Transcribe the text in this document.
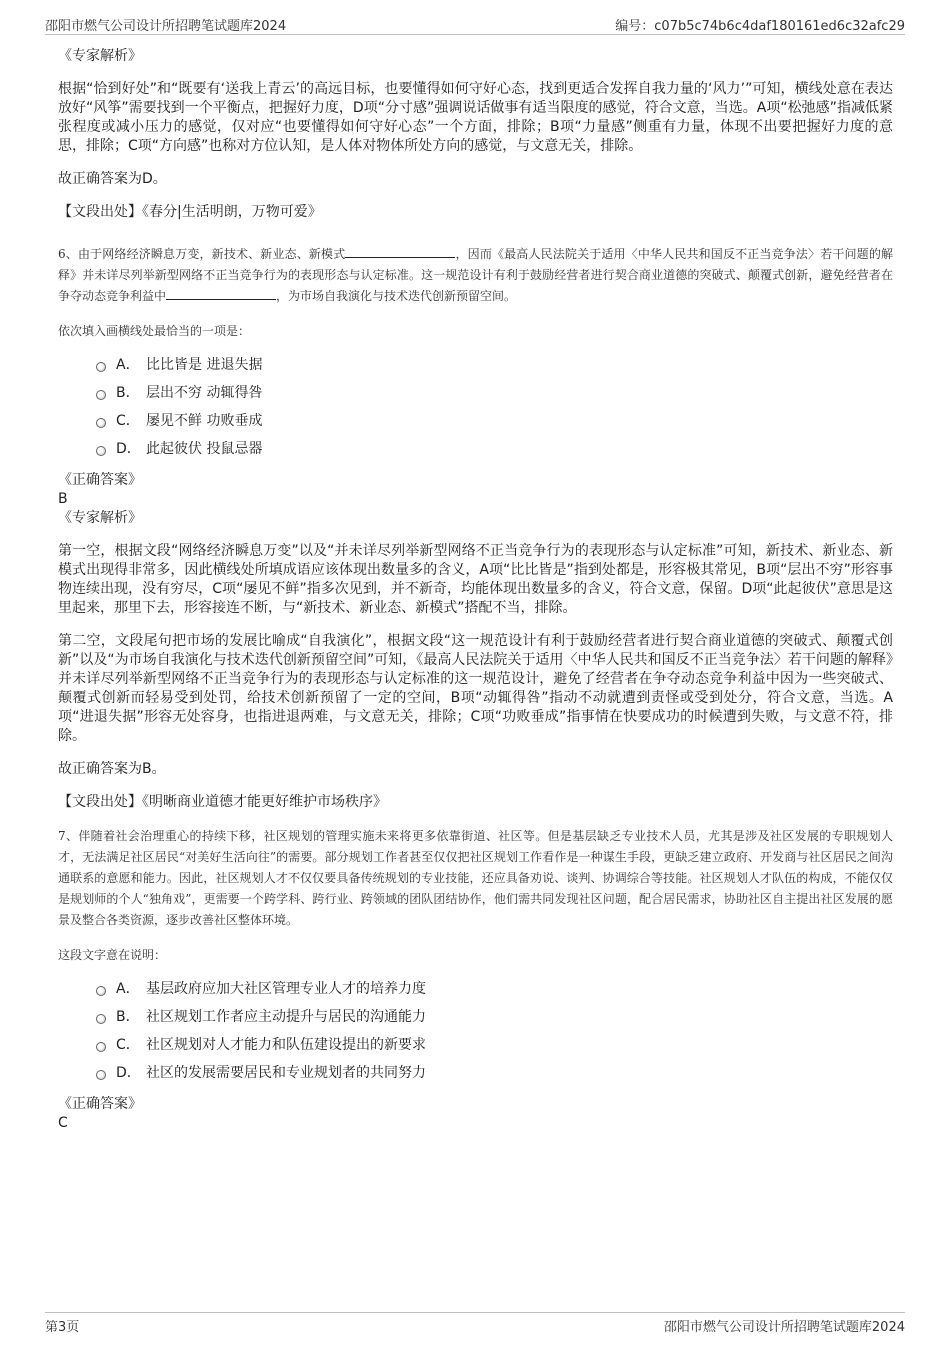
邵阳市燃气公司设计所招聘笔试题库2024	编号：c07b5c74b6c4daf180161ed6c32afc29

《专家解析》

根据“恰到好处”和“既要有‘送我上青云’的高远目标，也要懂得如何守好心态，找到更适合发挥自我力量的‘风力’”可知，横线处意在表达放好“风筝”需要找到一个平衡点，把握好力度，D项“分寸感”强调说话做事有适当限度的感觉，符合文意，当选。A项“松弛感”指减低紧张程度或减小压力的感觉，仅对应“也要懂得如何守好心态”一个方面，排除；B项“力量感”侧重有力量，体现不出要把握好力度的意思，排除；C项“方向感”也称对方位认知，是人体对物体所处方向的感觉，与文意无关，排除。

故正确答案为D。

【文段出处】《春分|生活明朗，万物可爱》

6、由于网络经济瞬息万变，新技术、新业态、新模式	，因而《最高人民法院关于适用〈中华人民共和国反不正当竞争法〉若干问题的解释》并未详尽列举新型网络不正当竞争行为的表现形态与认定标准。这一规范设计有利于鼓励经营者进行契合商业道德的突破式、颠覆式创新，避免经营者在争夺动态竞争利益中	，为市场自我演化与技术迭代创新预留空间。

依次填入画横线处最恰当的一项是：

A． 比比皆是 进退失据
B． 层出不穷 动辄得咎
C． 屡见不鲜 功败垂成
D． 此起彼伏 投鼠忌器

《正确答案》

B

《专家解析》

第一空，根据文段“网络经济瞬息万变”以及“并未详尽列举新型网络不正当竞争行为的表现形态与认定标准”可知，新技术、新业态、新模式出现得非常多，因此横线处所填成语应该体现出数量多的含义，A项“比比皆是”指到处都是，形容极其常见，B项“层出不穷”形容事物连续出现，没有穷尽，C项“屡见不鲜”指多次见到，并不新奇，均能体现出数量多的含义，符合文意，保留。D项“此起彼伏”意思是这里起来，那里下去，形容接连不断，与“新技术、新业态、新模式”搭配不当，排除。

第二空，文段尾句把市场的发展比喻成“自我演化”，根据文段“这一规范设计有利于鼓励经营者进行契合商业道德的突破式、颠覆式创新”以及“为市场自我演化与技术迭代创新预留空间”可知，《最高人民法院关于适用〈中华人民共和国反不正当竞争法〉若干问题的解释》并未详尽列举新型网络不正当竞争行为的表现形态与认定标准的这一规范设计，避免了经营者在争夺动态竞争利益中因为一些突破式、颠覆式创新而轻易受到处罚，给技术创新预留了一定的空间，B项“动辄得咎”指动不动就遭到责怪或受到处分，符合文意，当选。A项“进退失据”形容无处容身，也指进退两难，与文意无关，排除；C项“功败垂成”指事情在快要成功的时候遭到失败，与文意不符，排除。

故正确答案为B。

【文段出处】《明晰商业道德才能更好维护市场秩序》

7、伴随着社会治理重心的持续下移，社区规划的管理实施未来将更多依靠街道、社区等。但是基层缺乏专业技术人员，尤其是涉及社区发展的专职规划人才，无法满足社区居民“对美好生活向往”的需要。部分规划工作者甚至仅仅把社区规划工作看作是一种谋生手段，更缺乏建立政府、开发商与社区居民之间沟通联系的意愿和能力。因此，社区规划人才不仅仅要具备传统规划的专业技能，还应具备劝说、谈判、协调综合等技能。社区规划人才队伍的构成，不能仅仅是规划师的个人“独角戏”，更需要一个跨学科、跨行业、跨领域的团队团结协作，他们需共同发现社区问题，配合居民需求，协助社区自主提出社区发展的愿景及整合各类资源，逐步改善社区整体环境。

这段文字意在说明：

A． 基层政府应加大社区管理专业人才的培养力度
B． 社区规划工作者应主动提升与居民的沟通能力
C． 社区规划对人才能力和队伍建设提出的新要求
D． 社区的发展需要居民和专业规划者的共同努力

《正确答案》

C

第3页	邵阳市燃气公司设计所招聘笔试题库2024
